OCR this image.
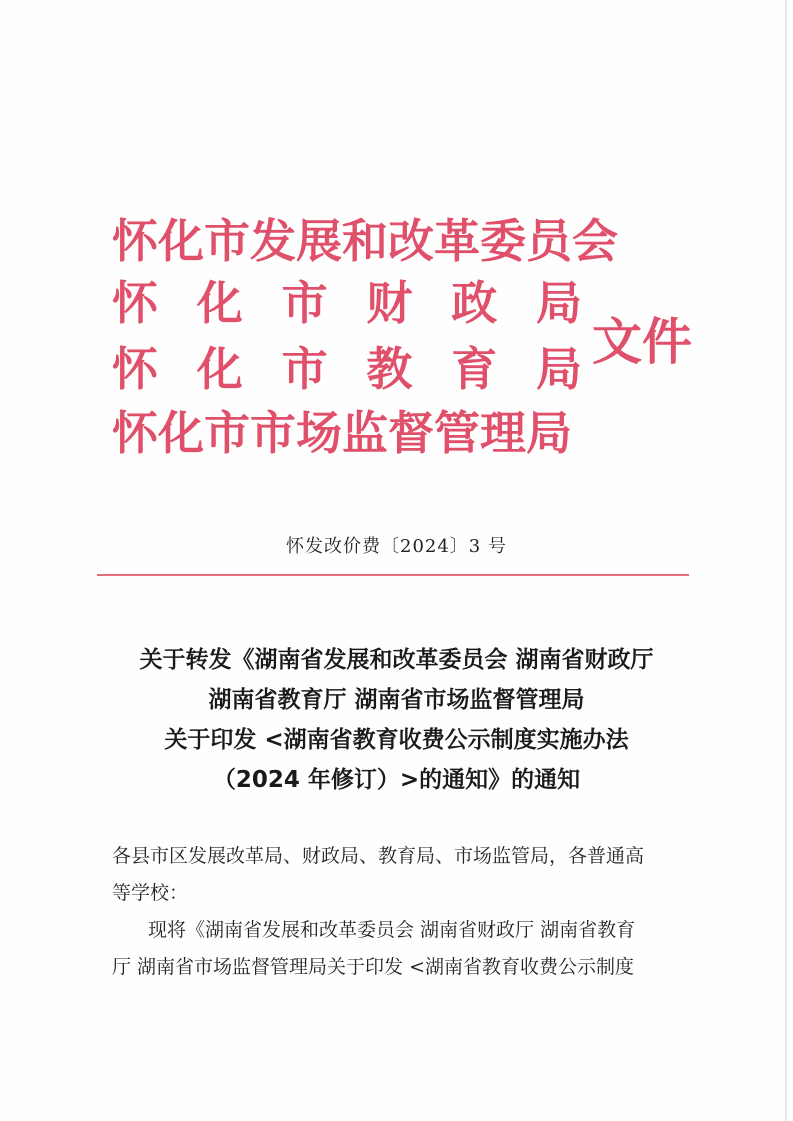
怀化市发展和改革委员会
怀 化 市 财 政 局
怀 化 市 教 育 局
怀化市市场监督管理局
文件
怀发改价费〔2024〕3 号
关于转发《湖南省发展和改革委员会 湖南省财政厅
湖南省教育厅 湖南省市场监督管理局
关于印发 <湖南省教育收费公示制度实施办法
（2024 年修订）>的通知》的通知

各县市区发展改革局、财政局、教育局、市场监管局，各普通高

等学校：

现将《湖南省发展和改革委员会 湖南省财政厅 湖南省教育

厅 湖南省市场监督管理局关于印发 <湖南省教育收费公示制度
